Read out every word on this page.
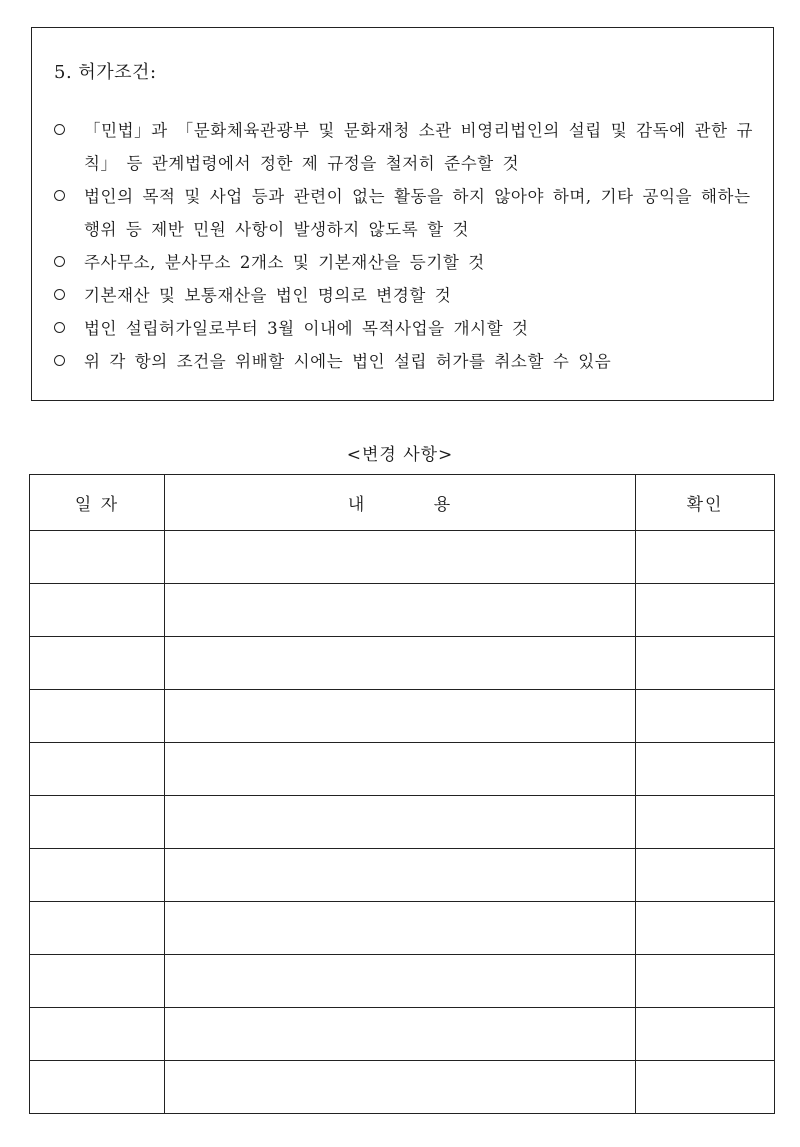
5. 허가조건:
「민법」과 「문화체육관광부 및 문화재청 소관 비영리법인의 설립 및 감독에 관한 규칙」 등 관계법령에서 정한 제 규정을 철저히 준수할 것
법인의 목적 및 사업 등과 관련이 없는 활동을 하지 않아야 하며, 기타 공익을 해하는 행위 등 제반 민원 사항이 발생하지 않도록 할 것
주사무소, 분사무소 2개소 및 기본재산을 등기할 것
기본재산 및 보통재산을 법인 명의로 변경할 것
법인 설립허가일로부터 3월 이내에 목적사업을 개시할 것
위 각 항의 조건을 위배할 시에는 법인 설립 허가를 취소할 수 있음
<변경 사항>
일 자	내 용	확인
